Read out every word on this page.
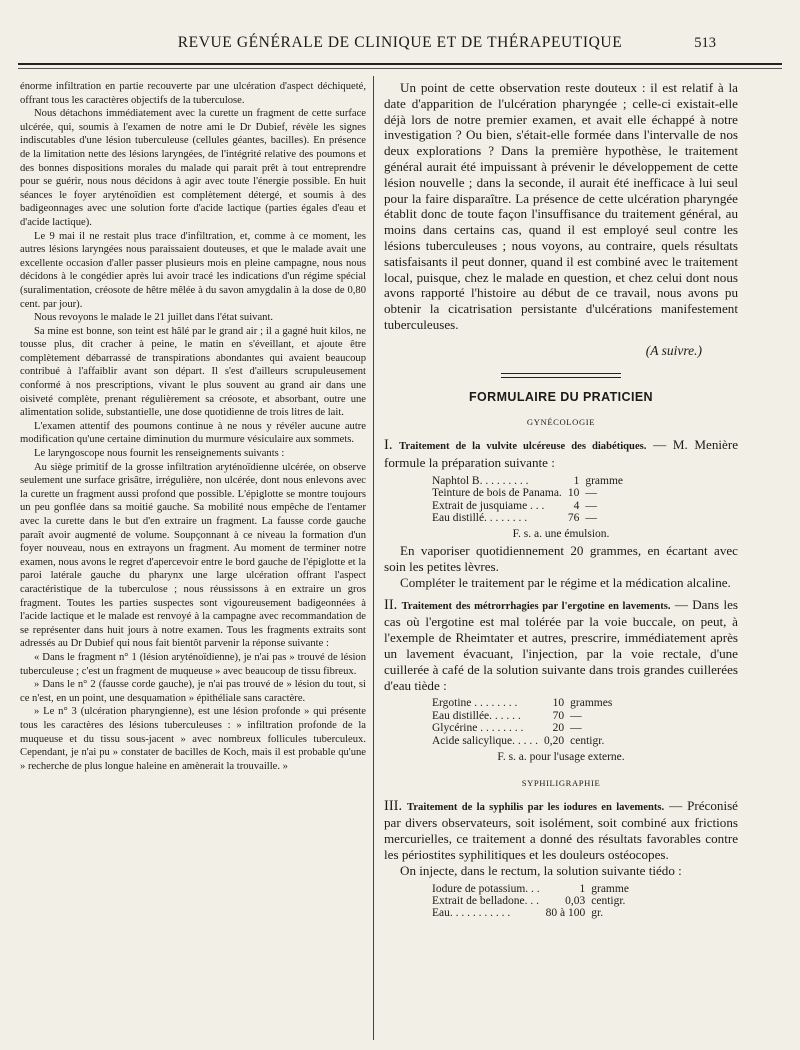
REVUE GÉNÉRALE DE CLINIQUE ET DE THÉRAPEUTIQUE	513

énorme infiltration en partie recouverte par une ulcération d'aspect déchiqueté, offrant tous les caractères objectifs de la tuberculose.

Nous détachons immédiatement avec la curette un fragment de cette surface ulcérée, qui, soumis à l'examen de notre ami le Dr Dubief, révèle les signes indiscutables d'une lésion tuberculeuse (cellules géantes, bacilles). En présence de la limitation nette des lésions laryngées, de l'intégrité relative des poumons et des bonnes dispositions morales du malade qui parait prêt à tout entreprendre pour se guérir, nous nous décidons à agir avec toute l'énergie possible. En huit séances le foyer aryténoïdien est complètement détergé, et soumis à des badigeonnages avec une solution forte d'acide lactique (parties égales d'eau et d'acide lactique).

Le 9 mai il ne restait plus trace d'infiltration, et, comme à ce moment, les autres lésions laryngées nous paraissaient douteuses, et que le malade avait une excellente occasion d'aller passer plusieurs mois en pleine campagne, nous nous décidons à le congédier après lui avoir tracé les indications d'un régime spécial (suralimentation, créosote de hêtre mêlée à du savon amygdalin à la dose de 0,80 cent. par jour).

Nous revoyons le malade le 21 juillet dans l'état suivant.

Sa mine est bonne, son teint est hâlé par le grand air ; il a gagné huit kilos, ne tousse plus, dit cracher à peine, le matin en s'éveillant, et ajoute être complètement débarrassé de transpirations abondantes qui avaient beaucoup contribué à l'affaiblir avant son départ. Il s'est d'ailleurs scrupuleusement conformé à nos prescriptions, vivant le plus souvent au grand air dans une oisiveté complète, prenant régulièrement sa créosote, et absorbant, outre une alimentation solide, substantielle, une dose quotidienne de trois litres de lait.

L'examen attentif des poumons continue à ne nous y révéler aucune autre modification qu'une certaine diminution du murmure vésiculaire aux sommets.

Le laryngoscope nous fournit les renseignements suivants :

Au siège primitif de la grosse infiltration aryténoïdienne ulcérée, on observe seulement une surface grisâtre, irrégulière, non ulcérée, dont nous enlevons avec la curette un fragment aussi profond que possible. L'épiglotte se montre toujours un peu gonflée dans sa moitié gauche. Sa mobilité nous empêche de l'entamer avec la curette dans le but d'en extraire un fragment. La fausse corde gauche paraît avoir augmenté de volume. Soupçonnant à ce niveau la formation d'un foyer nouveau, nous en extrayons un fragment. Au moment de terminer notre examen, nous avons le regret d'apercevoir entre le bord gauche de l'épiglotte et la paroi latérale gauche du pharynx une large ulcération offrant l'aspect caractéristique de la tuberculose ; nous réussissons à en extraire un gros fragment. Toutes les parties suspectes sont vigoureusement badigeonnées à l'acide lactique et le malade est renvoyé à la campagne avec recommandation de se représenter dans huit jours à notre examen. Tous les fragments extraits sont adressés au Dr Dubief qui nous fait bientôt parvenir la réponse suivante :

« Dans le fragment n° 1 (lésion aryténoïdienne), je n'ai pas » trouvé de lésion tuberculeuse ; c'est un fragment de muqueuse » avec beaucoup de tissu fibreux.

» Dans le n° 2 (fausse corde gauche), je n'ai pas trouvé de » lésion du tout, si ce n'est, en un point, une desquamation » épithéliale sans caractère.

» Le n° 3 (ulcération pharyngienne), est une lésion profonde » qui présente tous les caractères des lésions tuberculeuses : » infiltration profonde de la muqueuse et du tissu sous-jacent » avec nombreux follicules tuberculeux. Cependant, je n'ai pu » constater de bacilles de Koch, mais il est probable qu'une » recherche de plus longue haleine en amènerait la trouvaille. »

Un point de cette observation reste douteux : il est relatif à la date d'apparition de l'ulcération pharyngée ; celle-ci existait-elle déjà lors de notre premier examen, et avait elle échappé à notre investigation ? Ou bien, s'était-elle formée dans l'intervalle de nos deux explorations ? Dans la première hypothèse, le traitement général aurait été impuissant à prévenir le développement de cette lésion nouvelle ; dans la seconde, il aurait été inefficace à lui seul pour la faire disparaître. La présence de cette ulcération pharyngée établit donc de toute façon l'insuffisance du traitement général, au moins dans certains cas, quand il est employé seul contre les lésions tuberculeuses ; nous voyons, au contraire, quels résultats satisfaisants il peut donner, quand il est combiné avec le traitement local, puisque, chez le malade en question, et chez celui dont nous avons rapporté l'histoire au début de ce travail, nous avons pu obtenir la cicatrisation persistante d'ulcérations manifestement tuberculeuses.

(A suivre.)

FORMULAIRE DU PRATICIEN

GYNÉCOLOGIE

I. Traitement de la vulvite ulcéreuse des diabétiques. — M. Menière formule la préparation suivante :

Naphtol B. . . . . . . . .	1	gramme
Teinture de bois de Panama.	10	—
Extrait de jusquiame . . .	4	—
Eau distillé. . . . . . . .	76	—

F. s. a. une émulsion.

En vaporiser quotidiennement 20 grammes, en écartant avec soin les petites lèvres.

Compléter le traitement par le régime et la médication alcaline.

II. Traitement des métrorrhagies par l'ergotine en lavements. — Dans les cas où l'ergotine est mal tolérée par la voie buccale, on peut, à l'exemple de Rheimtater et autres, prescrire, immédiatement après un lavement évacuant, l'injection, par la voie rectale, d'une cuillerée à café de la solution suivante dans trois grandes cuillerées d'eau tiède :

Ergotine . . . . . . . .	10	grammes
Eau distillée. . . . . .	70	—
Glycérine . . . . . . . .	20	—
Acide salicylique. . . . .	0,20	centigr.

F. s. a. pour l'usage externe.

SYPHILIGRAPHIE

III. Traitement de la syphilis par les iodures en lavements. — Préconisé par divers observateurs, soit isolément, soit combiné aux frictions mercurielles, ce traitement a donné des résultats favorables contre les périostites syphilitiques et les douleurs ostéocopes.

On injecte, dans le rectum, la solution suivante tiédo :

Iodure de potassium. . .	1	gramme
Extrait de belladone. . .	0,03	centigr.
Eau. . . . . . . . . . .	80 à 100	gr.
